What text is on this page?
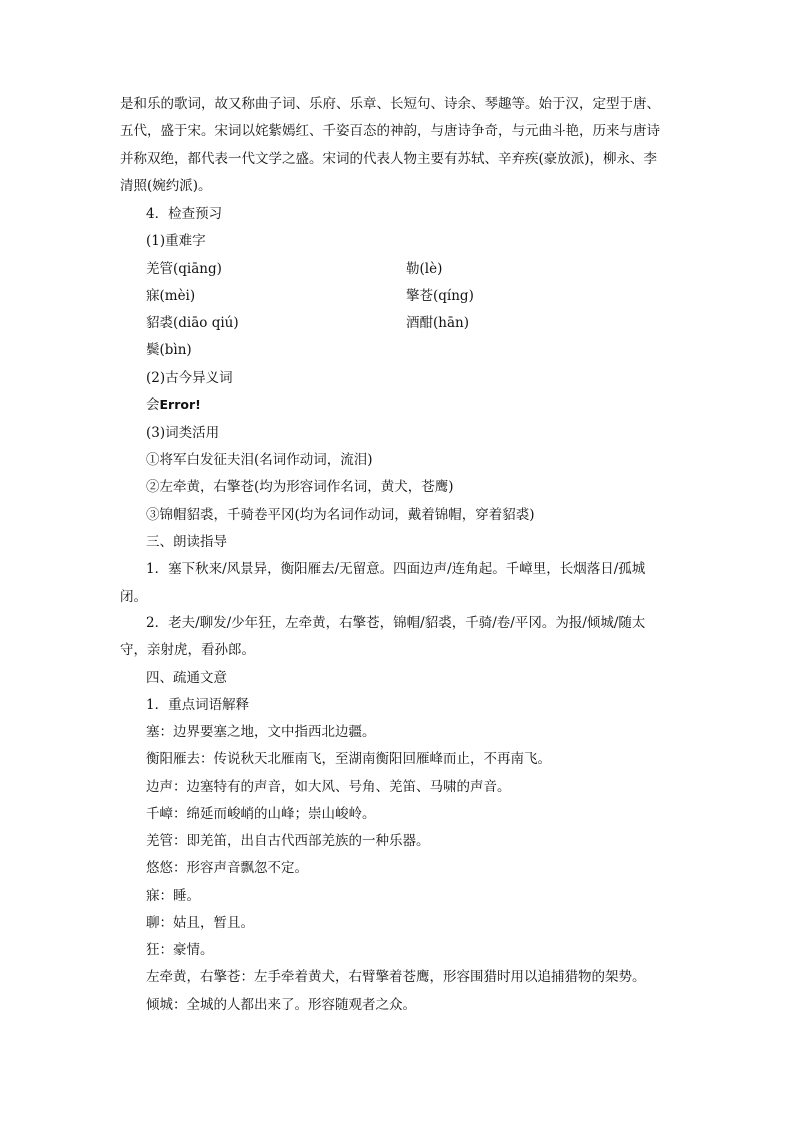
是和乐的歌词，故又称曲子词、乐府、乐章、长短句、诗余、琴趣等。始于汉，定型于唐、
五代，盛于宋。宋词以姹紫嫣红、千姿百态的神韵，与唐诗争奇，与元曲斗艳，历来与唐诗
并称双绝，都代表一代文学之盛。宋词的代表人物主要有苏轼、辛弃疾(豪放派)，柳永、李
清照(婉约派)。
4．检查预习
(1)重难字
羌管(qiāng)	勒(lè)
寐(mèi)	擎苍(qíng)
貂裘(diāo qiú)	酒酣(hān)
鬓(bìn)
(2)古今异义词
会Error!
(3)词类活用
①将军白发征夫泪(名词作动词，流泪)
②左牵黄，右擎苍(均为形容词作名词，黄犬，苍鹰)
③锦帽貂裘，千骑卷平冈(均为名词作动词，戴着锦帽，穿着貂裘)
三、朗读指导
1．塞下秋来/风景异，衡阳雁去/无留意。四面边声/连角起。千嶂里，长烟落日/孤城
闭。
2．老夫/聊发/少年狂，左牵黄，右擎苍，锦帽/貂裘，千骑/卷/平冈。为报/倾城/随太
守，亲射虎，看孙郎。
四、疏通文意
1．重点词语解释
塞：边界要塞之地，文中指西北边疆。
衡阳雁去：传说秋天北雁南飞，至湖南衡阳回雁峰而止，不再南飞。
边声：边塞特有的声音，如大风、号角、羌笛、马啸的声音。
千嶂：绵延而峻峭的山峰；崇山峻岭。
羌管：即羌笛，出自古代西部羌族的一种乐器。
悠悠：形容声音飘忽不定。
寐：睡。
聊：姑且，暂且。
狂：豪情。
左牵黄，右擎苍：左手牵着黄犬，右臂擎着苍鹰，形容围猎时用以追捕猎物的架势。
倾城：全城的人都出来了。形容随观者之众。
